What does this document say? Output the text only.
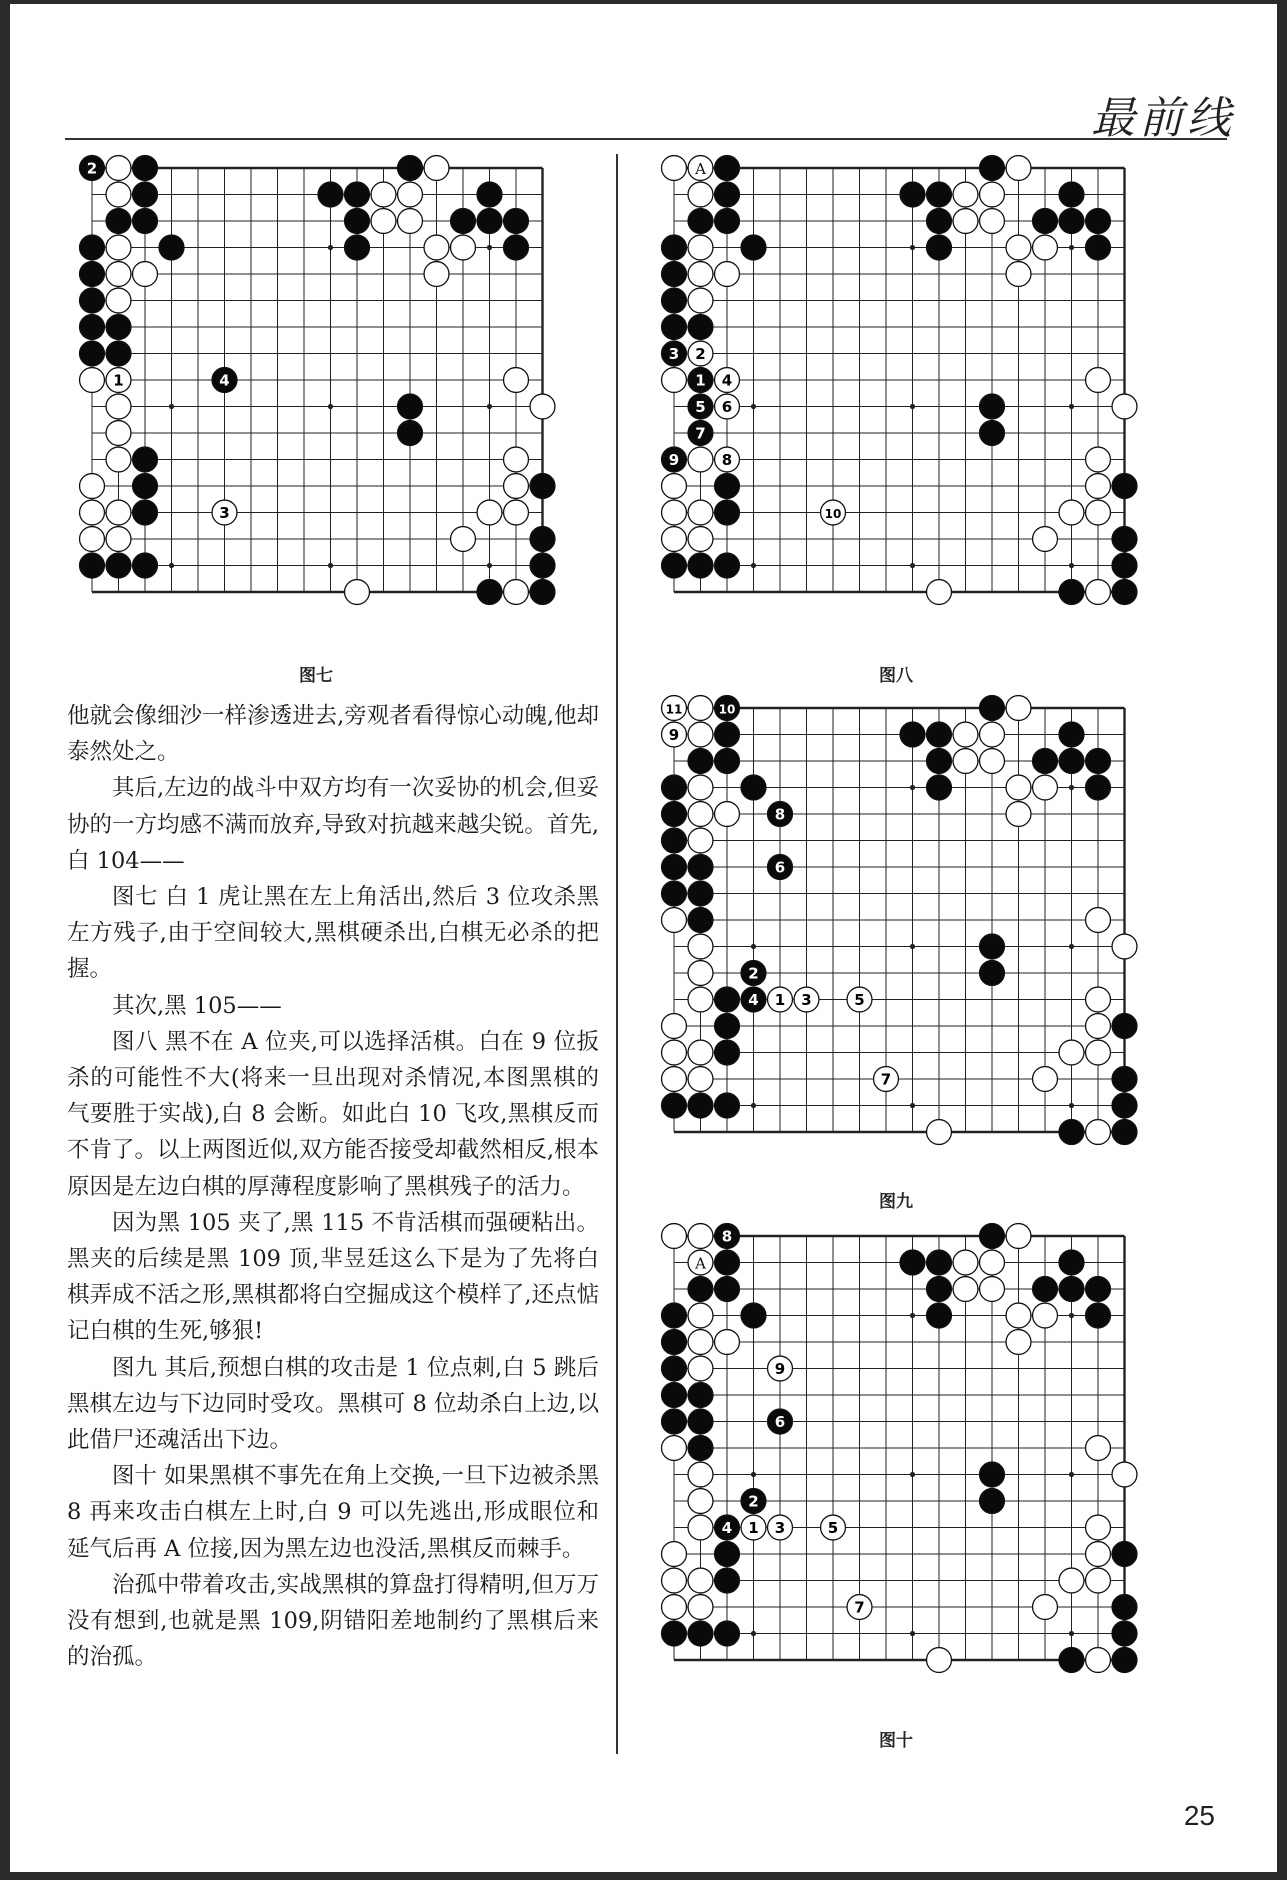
最前线
2
1	4
3
图七
3 2
1 4
5 6
7
9	8
10
A
图八
11	10
9
8
6
2
4 1 3	5
7
图九
8
9
6
2
4 1 3	5
7
A
图十

他就会像细沙一样渗透进去,旁观者看得惊心动魄,他却泰然处之。

其后,左边的战斗中双方均有一次妥协的机会,但妥协的一方均感不满而放弃,导致对抗越来越尖锐。首先,白 104——

图七 白 1 虎让黑在左上角活出,然后 3 位攻杀黑左方残子,由于空间较大,黑棋硬杀出,白棋无必杀的把握。

其次,黑 105——

图八 黑不在 A 位夹,可以选择活棋。白在 9 位扳杀的可能性不大(将来一旦出现对杀情况,本图黑棋的气要胜于实战),白 8 会断。如此白 10 飞攻,黑棋反而不肯了。以上两图近似,双方能否接受却截然相反,根本原因是左边白棋的厚薄程度影响了黑棋残子的活力。

因为黑 105 夹了,黑 115 不肯活棋而强硬粘出。黑夹的后续是黑 109 顶,芈昱廷这么下是为了先将白棋弄成不活之形,黑棋都将白空掘成这个模样了,还点惦记白棋的生死,够狠!

图九 其后,预想白棋的攻击是 1 位点刺,白 5 跳后黑棋左边与下边同时受攻。黑棋可 8 位劫杀白上边,以此借尸还魂活出下边。

图十 如果黑棋不事先在角上交换,一旦下边被杀黑 8 再来攻击白棋左上时,白 9 可以先逃出,形成眼位和延气后再 A 位接,因为黑左边也没活,黑棋反而棘手。

治孤中带着攻击,实战黑棋的算盘打得精明,但万万没有想到,也就是黑 109,阴错阳差地制约了黑棋后来的治孤。

25
